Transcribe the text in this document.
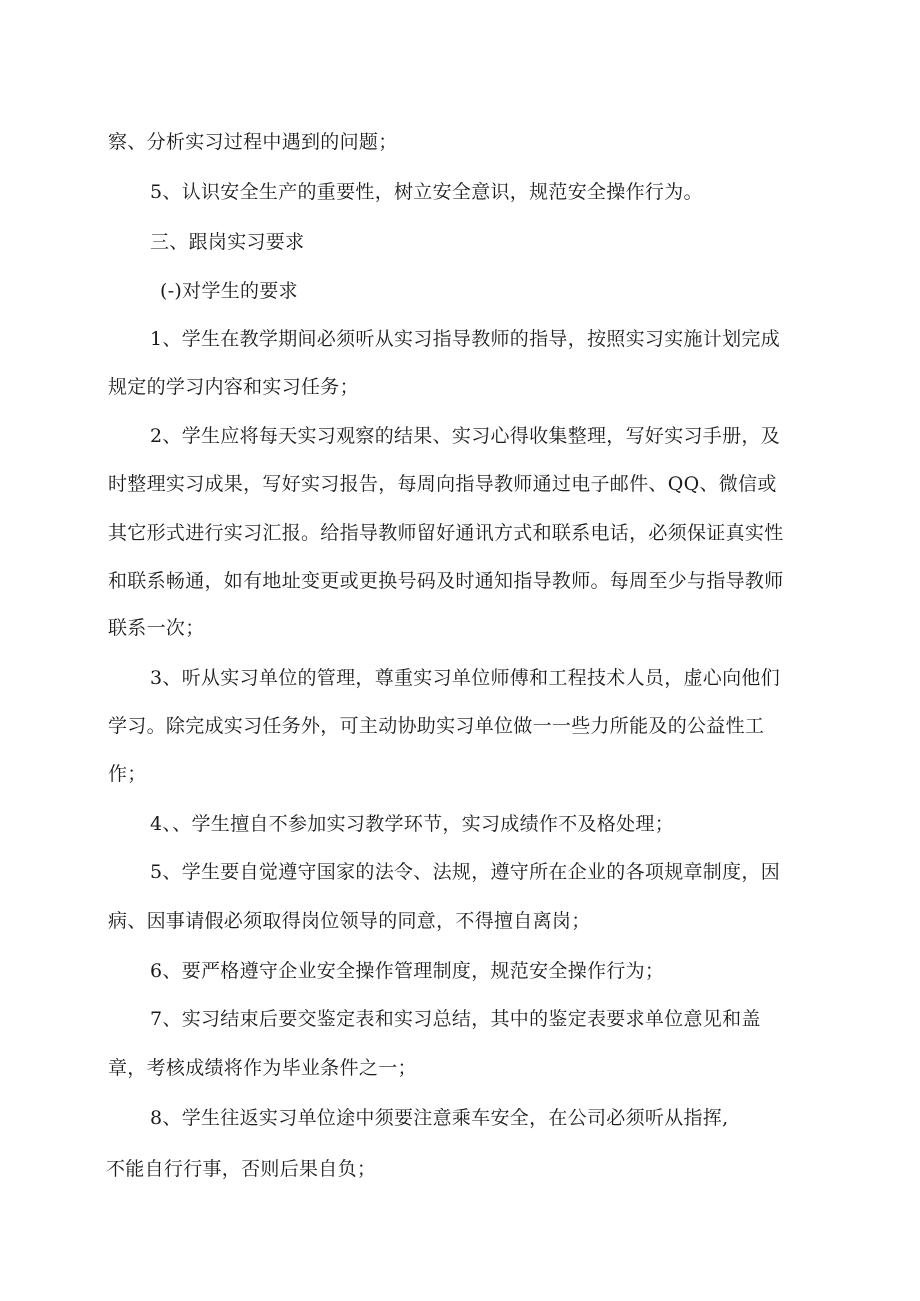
察、分析实习过程中遇到的问题；
5、认识安全生产的重要性，树立安全意识，规范安全操作行为。
三、跟岗实习要求
(-)对学生的要求
1、学生在教学期间必须听从实习指导教师的指导，按照实习实施计划完成
规定的学习内容和实习任务；
2、学生应将每天实习观察的结果、实习心得收集整理，写好实习手册，及
时整理实习成果，写好实习报告，每周向指导教师通过电子邮件、QQ、微信或
其它形式进行实习汇报。给指导教师留好通讯方式和联系电话，必须保证真实性
和联系畅通，如有地址变更或更换号码及时通知指导教师。每周至少与指导教师
联系一次；
3、听从实习单位的管理，尊重实习单位师傅和工程技术人员，虚心向他们
学习。除完成实习任务外，可主动协助实习单位做一一些力所能及的公益性工
作；
4、、学生擅自不参加实习教学环节，实习成绩作不及格处理；
5、学生要自觉遵守国家的法令、法规，遵守所在企业的各项规章制度，因
病、因事请假必须取得岗位领导的同意，不得擅自离岗；
6、要严格遵守企业安全操作管理制度，规范安全操作行为；
7、实习结束后要交鉴定表和实习总结，其中的鉴定表要求单位意见和盖
章，考核成绩将作为毕业条件之一；
8、学生往返实习单位途中须要注意乘车安全，在公司必须听从指挥,
不能自行行事，否则后果自负；
